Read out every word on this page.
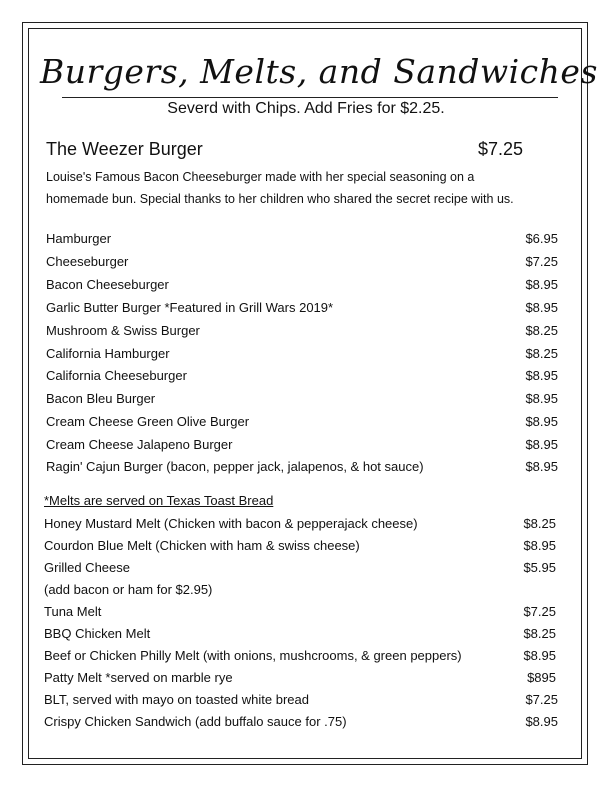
Burgers, Melts, and Sandwiches
Severd with Chips. Add Fries for $2.25.
The Weezer Burger	$7.25
Louise's Famous Bacon Cheeseburger made with her special seasoning on a
homemade bun. Special thanks to her children who shared the secret recipe with us.
Hamburger	$6.95
Cheeseburger	$7.25
Bacon Cheeseburger	$8.95
Garlic Butter Burger *Featured in Grill Wars 2019*	$8.95
Mushroom & Swiss Burger	$8.25
California Hamburger	$8.25
California Cheeseburger	$8.95
Bacon Bleu Burger	$8.95
Cream Cheese Green Olive Burger	$8.95
Cream Cheese Jalapeno Burger	$8.95
Ragin' Cajun Burger (bacon, pepper jack, jalapenos, & hot sauce)	$8.95
*Melts are served on Texas Toast Bread
Honey Mustard Melt (Chicken with bacon & pepperajack cheese)	$8.25
Courdon Blue Melt (Chicken with ham & swiss cheese)	$8.95
Grilled Cheese	$5.95
(add bacon or ham for $2.95)
Tuna Melt	$7.25
BBQ Chicken Melt	$8.25
Beef or Chicken Philly Melt (with onions, mushcrooms, & green peppers)	$8.95
Patty Melt *served on marble rye	$895
BLT, served with mayo on toasted white bread	$7.25
Crispy Chicken Sandwich (add buffalo sauce for .75)	$8.95
